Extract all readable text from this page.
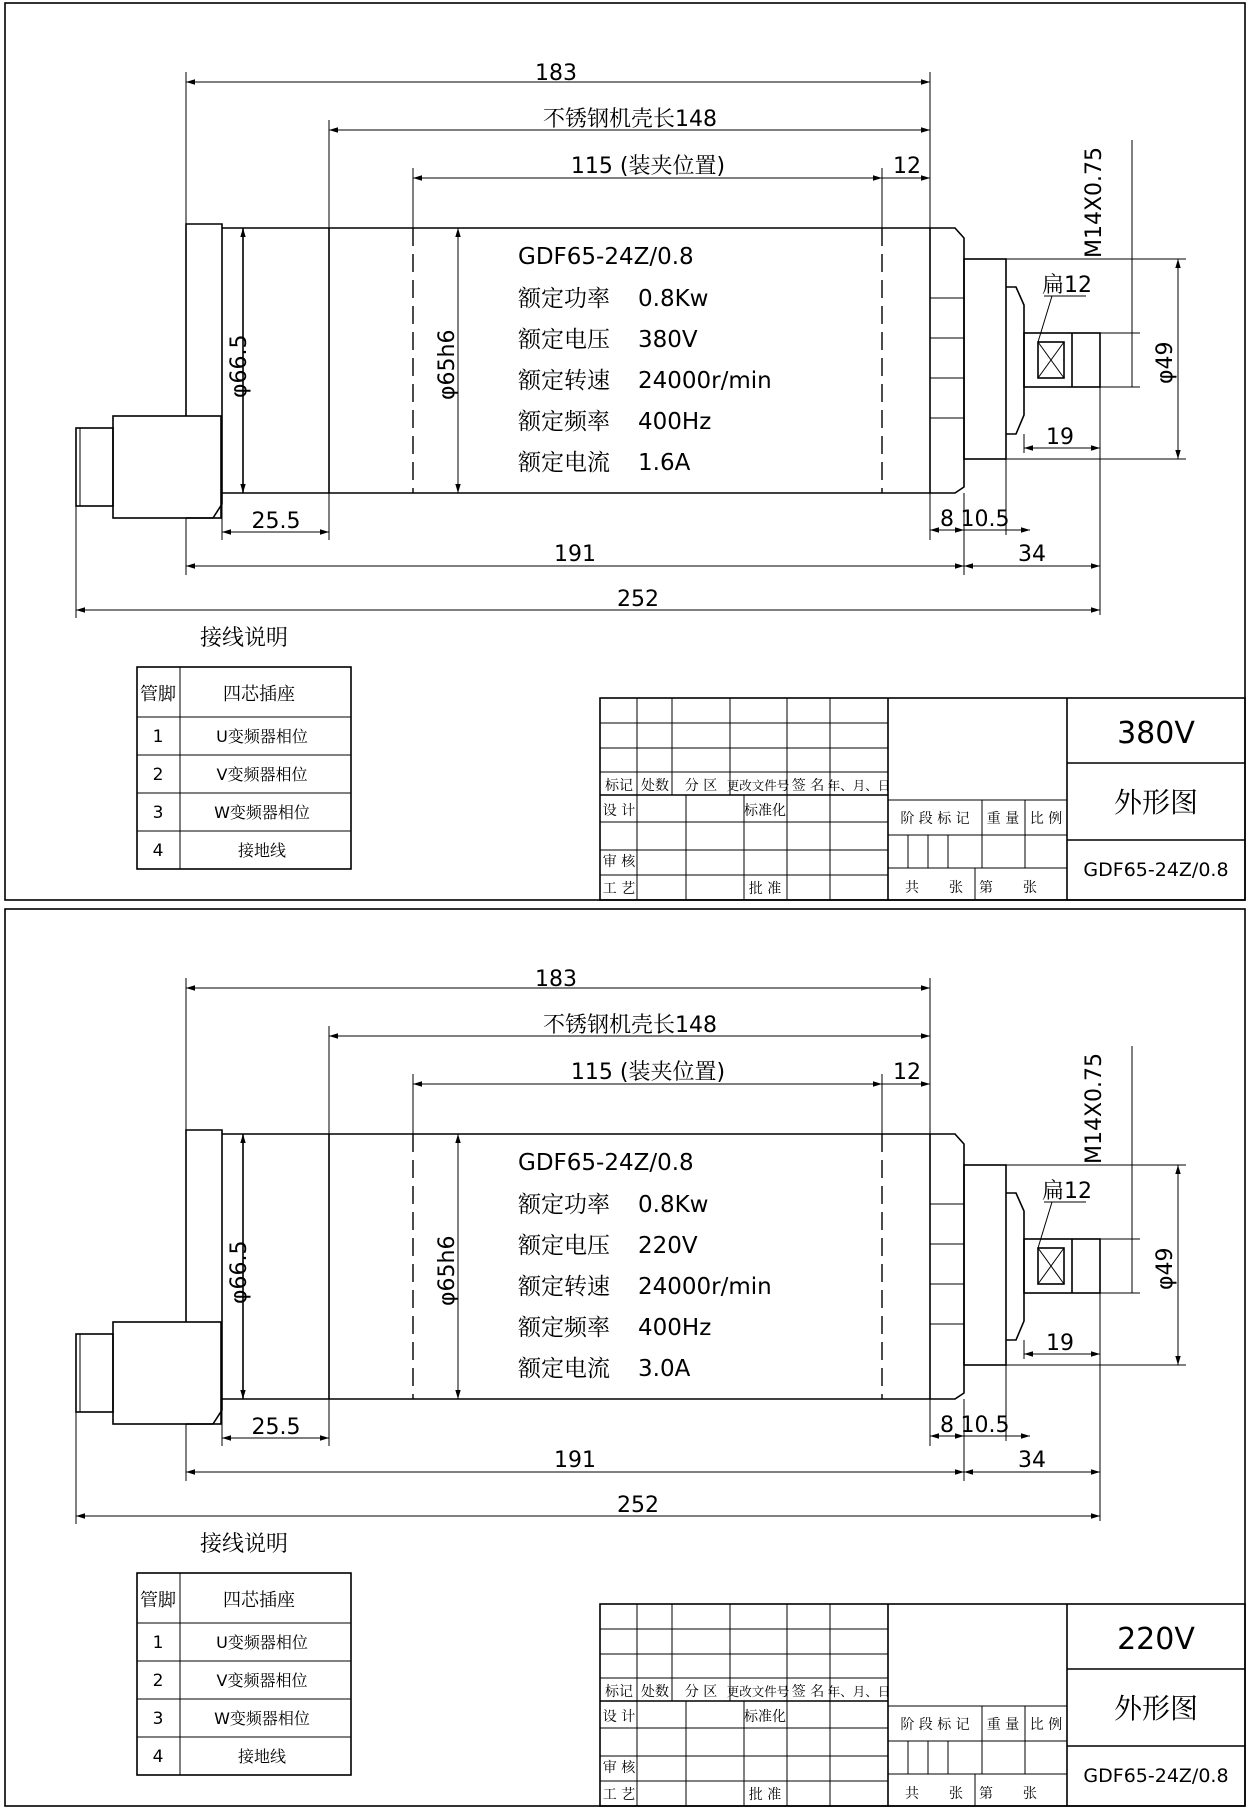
GDF65-24Z/0.8
额定功率 0.8Kw
额定电压 380V
额定转速 24000r/min
额定频率 400Hz
额定电流 1.6A
183
不锈钢机壳长148
115 (装夹位置)	12	M14X0.75
扁12
φ49
19
φ66.5	φ65h6
25.5	8 10.5
191	34
252
接线说明
管脚	四芯插座
1	U变频器相位
2	V变频器相位
3	W变频器相位
4	接地线
标记 处数 分 区 更改文件号 签 名 年、月、日
设 计	标准化	阶 段 标 记 重 量 比 例
审 核
工 艺	批 准	共 张 第 张
380V
外形图
GDF65-24Z/0.8
GDF65-24Z/0.8
额定功率 0.8Kw
额定电压 220V
额定转速 24000r/min
额定频率 400Hz
额定电流 3.0A
183
不锈钢机壳长148
115 (装夹位置)	12	M14X0.75
扁12
φ49
19
φ66.5	φ65h6
25.5	8 10.5
191	34
252
接线说明
管脚	四芯插座
1	U变频器相位
2	V变频器相位
3	W变频器相位
4	接地线
标记 处数 分 区 更改文件号 签 名 年、月、日
设 计	标准化	阶 段 标 记 重 量 比 例
审 核
工 艺	批 准	共 张 第 张
220V
外形图
GDF65-24Z/0.8
